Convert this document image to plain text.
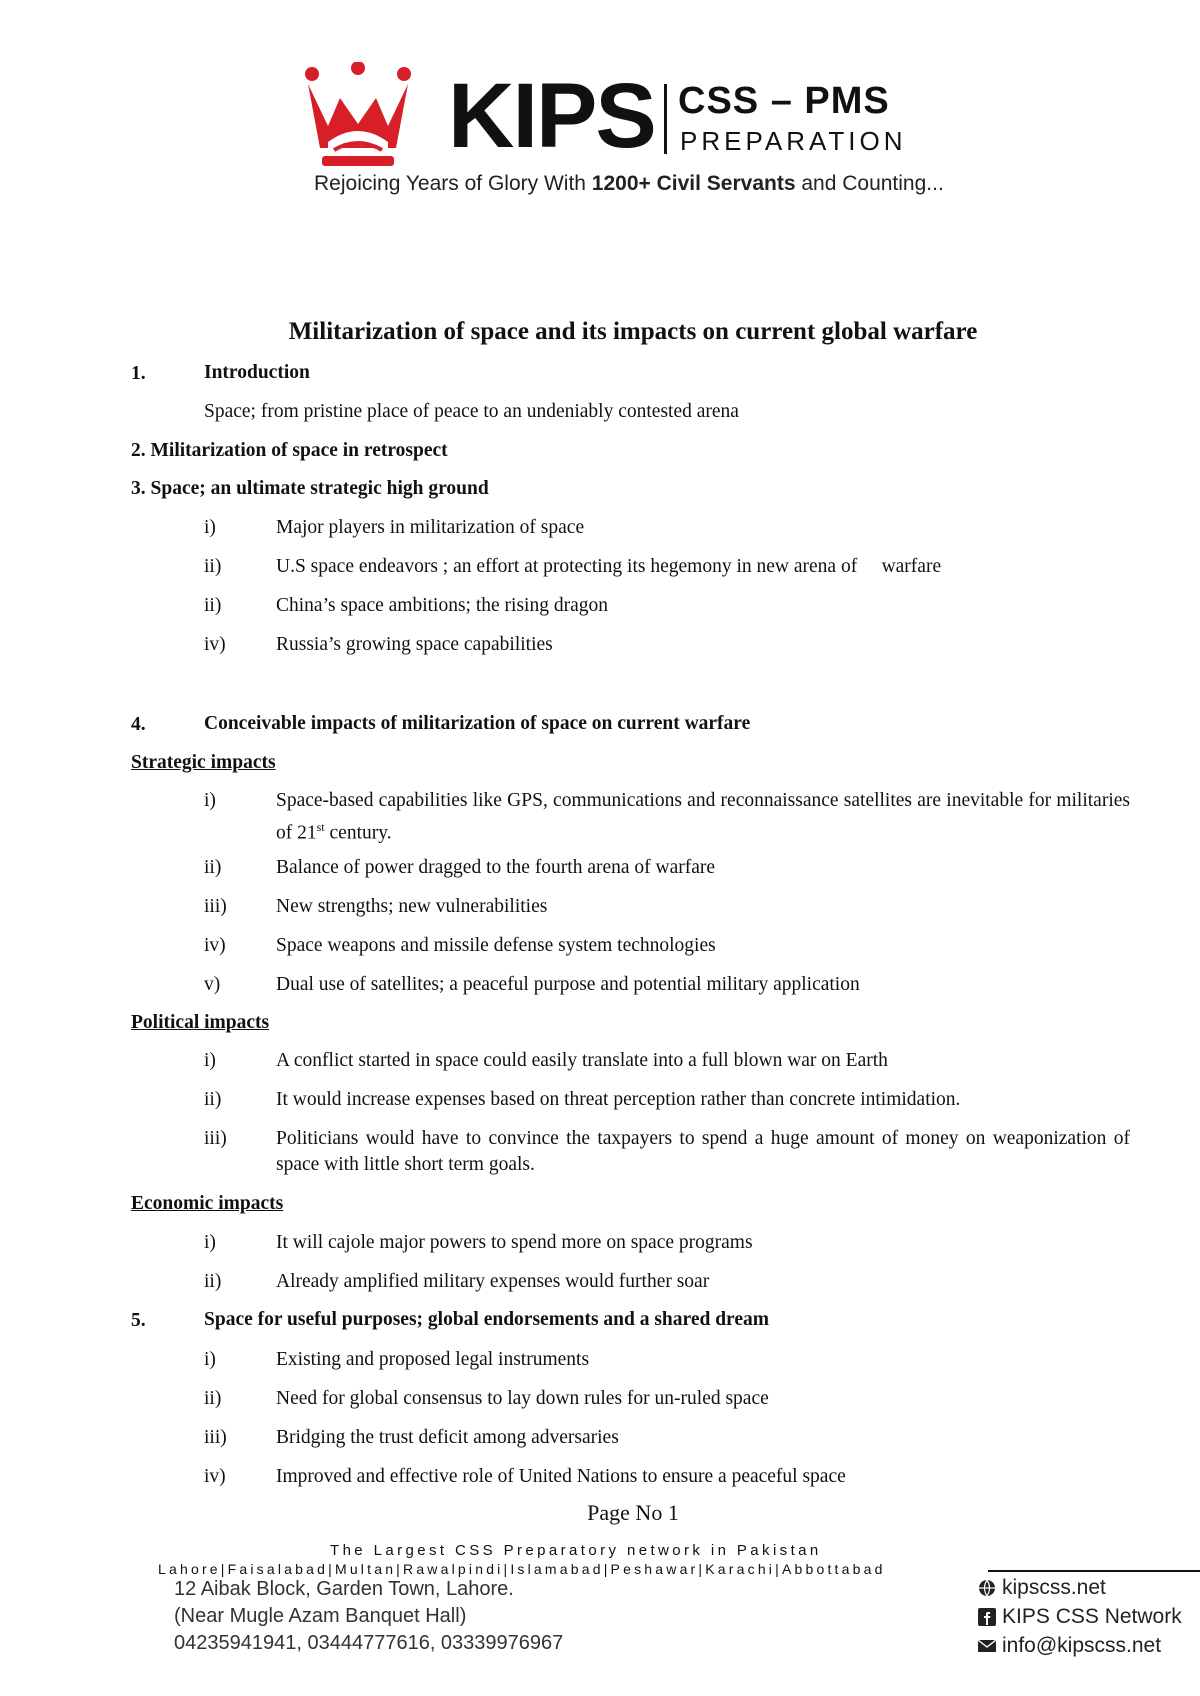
KIPS CSS – PMS
PREPARATION
Rejoicing Years of Glory With 1200+ Civil Servants and Counting...
Militarization of space and its impacts on current global warfare
1.	Introduction
Space; from pristine place of peace to an undeniably contested arena
2. Militarization of space in retrospect
3. Space; an ultimate strategic high ground
i)	Major players in militarization of space
ii)	U.S space endeavors ; an effort at protecting its hegemony in new arena of     warfare
ii)	China’s space ambitions; the rising dragon
iv)	Russia’s growing space capabilities
4.	Conceivable impacts of militarization of space on current warfare
Strategic impacts
i)	Space-based capabilities like GPS, communications and reconnaissance satellites are inevitable for militaries of 21st century.
ii)	Balance of power dragged to the fourth arena of warfare
iii)	New strengths; new vulnerabilities
iv)	Space weapons and missile defense system technologies
v)	Dual use of satellites; a peaceful purpose and potential military application
Political impacts
i)	A conflict started in space could easily translate into a full blown war on Earth
ii)	It would increase expenses based on threat perception rather than concrete intimidation.
iii)	Politicians would have to convince the taxpayers to spend a huge amount of money on weaponization of space with little short term goals.
Economic impacts
i)	It will cajole major powers to spend more on space programs
ii)	Already amplified military expenses would further soar
5.	Space for useful purposes; global endorsements and a shared dream
i)	Existing and proposed legal instruments
ii)	Need for global consensus to lay down rules for un-ruled space
iii)	Bridging the trust deficit among adversaries
iv)	Improved and effective role of United Nations to ensure a peaceful space
Page No 1
The Largest CSS Preparatory network in Pakistan
Lahore|Faisalabad|Multan|Rawalpindi|Islamabad|Peshawar|Karachi|Abbottabad
12 Aibak Block, Garden Town, Lahore.
(Near Mugle Azam Banquet Hall)
04235941941, 03444777616, 03339976967
kipscss.net
KIPS CSS Network
info@kipscss.net
